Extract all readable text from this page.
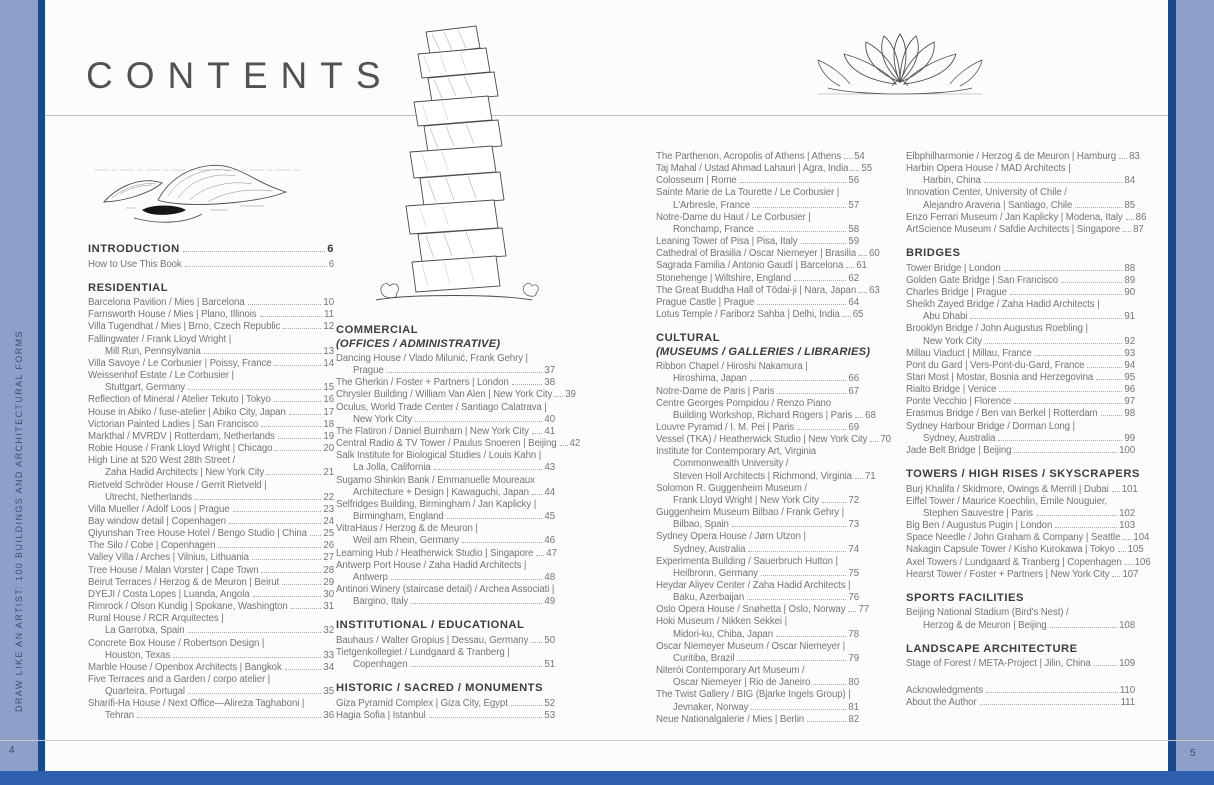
CONTENTS
DRAW LIKE AN ARTIST: 100 BUILDINGS AND ARCHITECTURAL FORMS
4	5
INTRODUCTION	6
How to Use This Book	6
RESIDENTIAL
Barcelona Pavilion / Mies | Barcelona	10
Farnsworth House / Mies | Plano, Illinois	11
Villa Tugendhat / Mies | Brno, Czech Republic	12
Fallingwater / Frank Lloyd Wright |
Mill Run, Pennsylvania	13
Villa Savoye / Le Corbusier | Poissy, France	14
Weissenhof Estate / Le Corbusier |
Stuttgart, Germany	15
Reflection of Mineral / Atelier Tekuto | Tokyo	16
House in Abiko / fuse-atelier | Abiko City, Japan	17
Victorian Painted Ladies | San Francisco	18
Markthal / MVRDV | Rotterdam, Netherlands	19
Robie House / Frank Lloyd Wright | Chicago	20
High Line at 520 West 28th Street /
Zaha Hadid Architects | New York City	21
Rietveld Schröder House / Gerrit Rietveld |
Utrecht, Netherlands	22
Villa Mueller / Adolf Loos | Prague	23
Bay window detail | Copenhagen	24
Qiyunshan Tree House Hotel / Bengo Studio | China 25
The Silo / Cobe | Copenhagen	26
Valley Villa / Arches | Vilnius, Lithuania	27
Tree House / Malan Vorster | Cape Town	28
Beirut Terraces / Herzog & de Meuron | Beirut	29
DYEJI / Costa Lopes | Luanda, Angola	30
Rimrock / Olson Kundig | Spokane, Washington	31
Rural House / RCR Arquitectes |
La Garrotxa, Spain	32
Concrete Box House / Robertson Design |
Houston, Texas	33
Marble House / Openbox Architects | Bangkok	34
Five Terraces and a Garden / corpo atelier |
Quarteira, Portugal	35
Sharifi-Ha House / Next Office—Alireza Taghaboni |
Tehran	36
COMMERCIAL
(OFFICES / ADMINISTRATIVE)
Dancing House / Vlado Milunić, Frank Gehry |
Prague	37
The Gherkin / Foster + Partners | London	38
Chrysler Building / William Van Alen | New York City 39
Oculus, World Trade Center / Santiago Calatrava |
New York City	40
The Flatiron / Daniel Burnham | New York City 41
Central Radio & TV Tower / Paulus Snoeren | Beijing 42
Salk Institute for Biological Studies / Louis Kahn |
La Jolla, California	43
Sugamo Shinkin Bank / Emmanuelle Moureaux
Architecture + Design | Kawaguchi, Japan 44
Selfridges Building, Birmingham / Jan Kaplicky |
Birmingham, England	45
VitraHaus / Herzog & de Meuron |
Weil am Rhein, Germany	46
Learning Hub / Heatherwick Studio | Singapore 47
Antwerp Port House / Zaha Hadid Architects |
Antwerp	48
Antinori Winery (staircase detail) / Archea Associati |
Bargino, Italy	49
INSTITUTIONAL / EDUCATIONAL
Bauhaus / Walter Gropius | Dessau, Germany 50
Tietgenkollegiet / Lundgaard & Tranberg |
Copenhagen	51
HISTORIC / SACRED / MONUMENTS
Giza Pyramid Complex | Giza City, Egypt	52
Hagia Sofia | Istanbul	53
The Parthenon, Acropolis of Athens | Athens 54
Taj Mahal / Ustad Ahmad Lahauri | Agra, India 55
Colosseum | Rome	56
Sainte Marie de La Tourette / Le Corbusier |
L'Arbresle, France	57
Notre-Dame du Haut / Le Corbusier |
Ronchamp, France	58
Leaning Tower of Pisa | Pisa, Italy	59
Cathedral of Brasilia / Oscar Niemeyer | Brasilia 60
Sagrada Familia / Antonio Gaudí | Barcelona 61
Stonehenge | Wiltshire, England	62
The Great Buddha Hall of Tōdai-ji | Nara, Japan 63
Prague Castle | Prague	64
Lotus Temple / Fariborz Sahba | Delhi, India 65
CULTURAL
(MUSEUMS / GALLERIES / LIBRARIES)
Ribbon Chapel / Hiroshi Nakamura |
Hiroshima, Japan	66
Notre-Dame de Paris | Paris	67
Centre Georges Pompidou / Renzo Piano
Building Workshop, Richard Rogers | Paris 68
Louvre Pyramid / I. M. Pei | Paris	69
Vessel (TKA) / Heatherwick Studio | New York City 70
Institute for Contemporary Art, Virginia
Commonwealth University /
Steven Holl Architects | Richmond, Virginia 71
Solomon R. Guggenheim Museum /
Frank Lloyd Wright | New York City	72
Guggenheim Museum Bilbao / Frank Gehry |
Bilbao, Spain	73
Sydney Opera House / Jørn Utzon |
Sydney, Australia	74
Experimenta Building / Sauerbruch Hutton |
Heilbronn, Germany	75
Heydar Aliyev Center / Zaha Hadid Architects |
Baku, Azerbaijan	76
Oslo Opera House / Snøhetta | Oslo, Norway 77
Hoki Museum / Nikken Sekkei |
Midori-ku, Chiba, Japan	78
Oscar Niemeyer Museum / Oscar Niemeyer |
Curitiba, Brazil	79
Niterói Contemporary Art Museum /
Oscar Niemeyer | Rio de Janeiro	80
The Twist Gallery / BIG (Bjarke Ingels Group) |
Jevnaker, Norway	81
Neue Nationalgalerie / Mies | Berlin	82
Elbphilharmonie / Herzog & de Meuron | Hamburg 83
Harbin Opera House / MAD Architects |
Harbin, China	84
Innovation Center, University of Chile /
Alejandro Aravena | Santiago, Chile	85
Enzo Ferrari Museum / Jan Kaplicky | Modena, Italy 86
ArtScience Museum / Safdie Architects | Singapore 87
BRIDGES
Tower Bridge | London	88
Golden Gate Bridge | San Francisco	89
Charles Bridge | Prague	90
Sheikh Zayed Bridge / Zaha Hadid Architects |
Abu Dhabi	91
Brooklyn Bridge / John Augustus Roebling |
New York City	92
Millau Viaduct | Millau, France	93
Pont du Gard | Vers-Pont-du-Gard, France	94
Stari Most | Mostar, Bosnia and Herzegovina	95
Rialto Bridge | Venice	96
Ponte Vecchio | Florence	97
Erasmus Bridge / Ben van Berkel | Rotterdam	98
Sydney Harbour Bridge / Dorman Long |
Sydney, Australia	99
Jade Belt Bridge | Beijing	100
TOWERS / HIGH RISES / SKYSCRAPERS
Burj Khalifa / Skidmore, Owings & Merrill | Dubai 101
Eiffel Tower / Maurice Koechlin, Émile Nouguier,
Stephen Sauvestre | Paris	102
Big Ben / Augustus Pugin | London	103
Space Needle / John Graham & Company | Seattle 104
Nakagin Capsule Tower / Kisho Kurokawa | Tokyo 105
Axel Towers / Lundgaard & Tranberg | Copenhagen 106
Hearst Tower / Foster + Partners | New York City 107
SPORTS FACILITIES
Beijing National Stadium (Bird's Nest) /
Herzog & de Meuron | Beijing	108
LANDSCAPE ARCHITECTURE
Stage of Forest / META-Project | Jilin, China	109
Acknowledgments	110
About the Author	111
